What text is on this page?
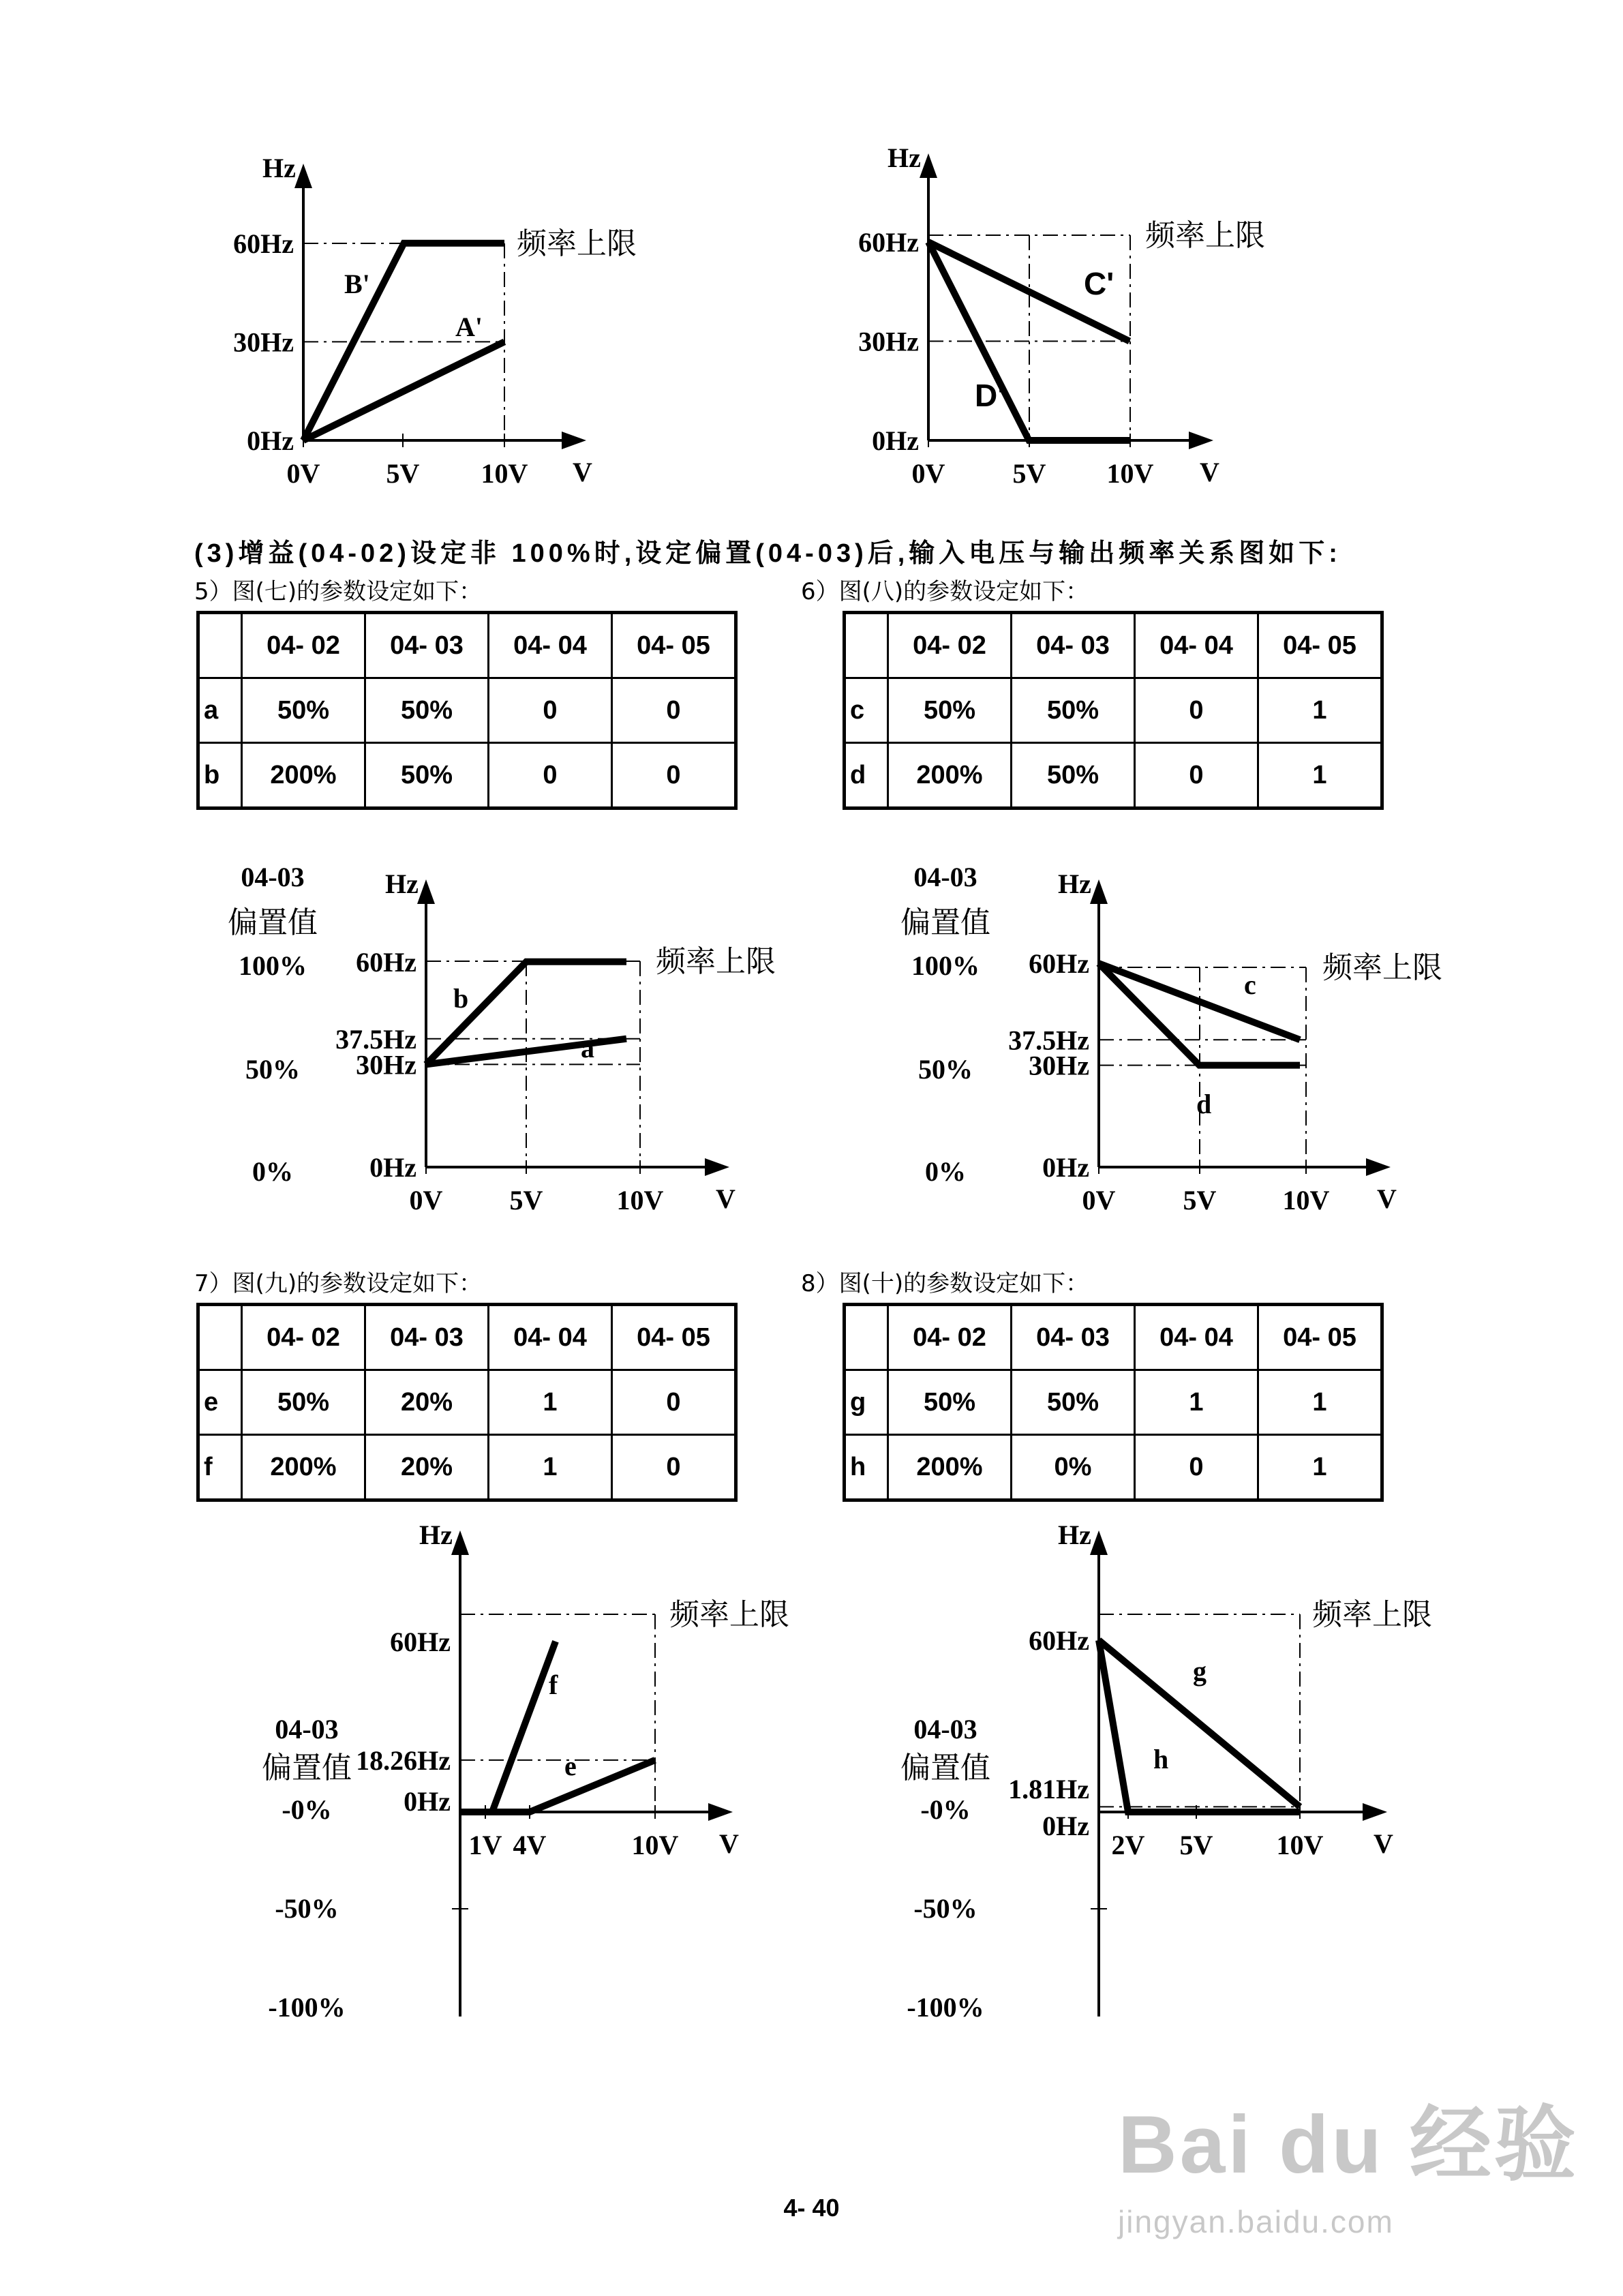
(3)增益(04-02)设定非 100%时,设定偏置(04-03)后,输入电压与输出频率关系图如下:
5）图(七)的参数设定如下：	6）图(八)的参数设定如下：
7）图(九)的参数设定如下：	8）图(十)的参数设定如下：
	04- 02	04- 03	04- 04	04- 05
a	50%	50%	0	0
b	200%	50%	0	0
	04- 02	04- 03	04- 04	04- 05
c	50%	50%	0	1
d	200%	50%	0	1
	04- 02	04- 03	04- 04	04- 05
e	50%	20%	1	0
f	200%	20%	1	0
	04- 02	04- 03	04- 04	04- 05
g	50%	50%	1	1
h	200%	0%	0	1
Hz
V
0Hz
30Hz
60Hz
0V 5V 10V
频率上限
B'
A'
Hz
V
0Hz
30Hz
60Hz
0V 5V 10V
频率上限
C'
D'
Hz
V
0Hz
30Hz
37.5Hz
60Hz
0V 5V	10V
04-03
偏置值
100%
50%
0%
频率上限
b
a
Hz
V
0Hz
30Hz
37.5Hz
60Hz
0V 5V 10V
04-03
偏置值
100%
50%
0%
频率上限
c
d
Hz
V
0Hz
18.26Hz
60Hz
1V 4V	10V
04-03
偏置值
-0%
-50%
-100%
频率上限
f
e
Hz
V
0Hz
1.81Hz
60Hz
2V 5V 10V
04-03
偏置值
-0%
-50%
-100%
频率上限
g
h
4- 40
Bai du 经验
jingyan.baidu.com
